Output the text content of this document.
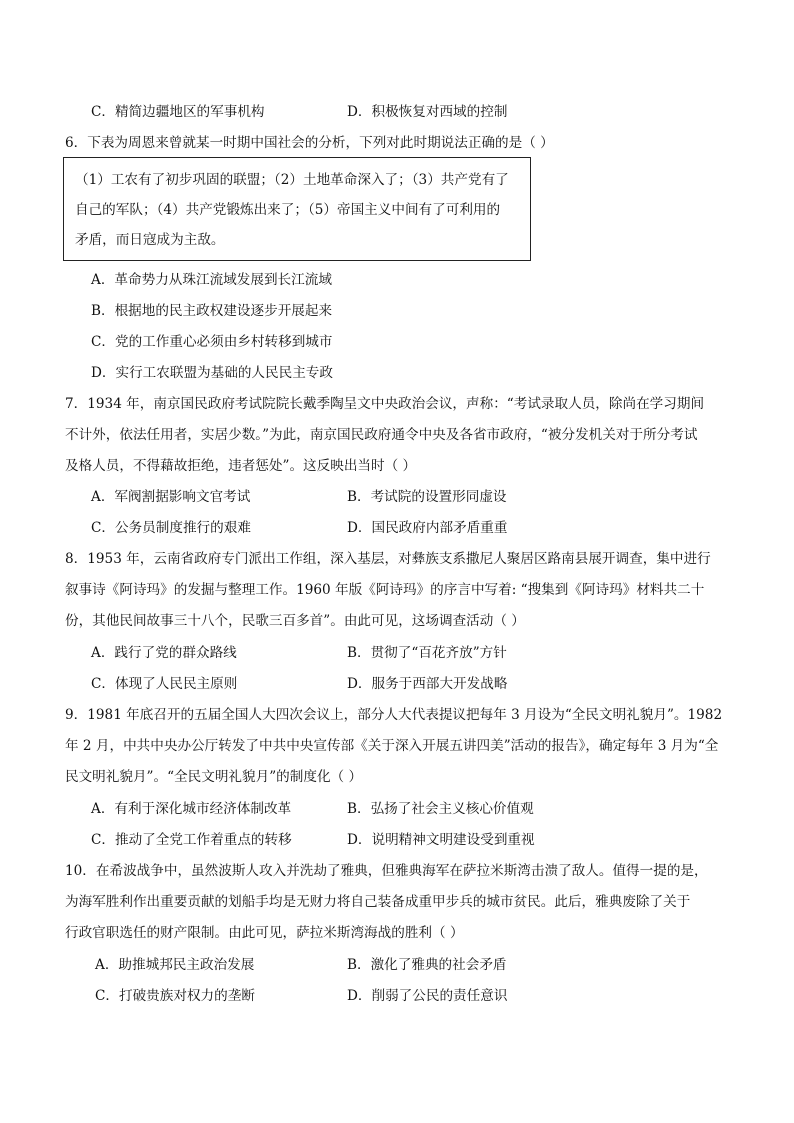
C．精简边疆地区的军事机构	D．积极恢复对西域的控制
6．下表为周恩来曾就某一时期中国社会的分析，下列对此时期说法正确的是（ ）
（1）工农有了初步巩固的联盟；（2）土地革命深入了；（3）共产党有了
自己的军队；（4）共产党锻炼出来了；（5）帝国主义中间有了可利用的
矛盾，而日寇成为主敌。
A．革命势力从珠江流域发展到长江流域
B．根据地的民主政权建设逐步开展起来
C．党的工作重心必须由乡村转移到城市
D．实行工农联盟为基础的人民民主专政
7．1934 年，南京国民政府考试院院长戴季陶呈文中央政治会议，声称：“考试录取人员，除尚在学习期间
不计外，依法任用者，实居少数。”为此，南京国民政府通令中央及各省市政府，“被分发机关对于所分考试
及格人员，不得藉故拒绝，违者惩处”。这反映出当时（ ）
A．军阀割据影响文官考试	B．考试院的设置形同虚设
C．公务员制度推行的艰难	D．国民政府内部矛盾重重
8．1953 年，云南省政府专门派出工作组，深入基层，对彝族支系撒尼人聚居区路南县展开调查，集中进行
叙事诗《阿诗玛》的发掘与整理工作。1960 年版《阿诗玛》的序言中写着: “搜集到《阿诗玛》材料共二十
份，其他民间故事三十八个，民歌三百多首”。由此可见，这场调查活动（ ）
A．践行了党的群众路线	B．贯彻了“百花齐放”方针
C．体现了人民民主原则	D．服务于西部大开发战略
9．1981 年底召开的五届全国人大四次会议上，部分人大代表提议把每年 3 月设为“全民文明礼貌月”。1982
年 2 月，中共中央办公厅转发了中共中央宣传部《关于深入开展五讲四美”活动的报告》，确定每年 3 月为“全
民文明礼貌月”。“全民文明礼貌月”的制度化（ ）
A．有利于深化城市经济体制改革	B．弘扬了社会主义核心价值观
C．推动了全党工作着重点的转移	D．说明精神文明建设受到重视
10．在希波战争中，虽然波斯人攻入并洗劫了雅典，但雅典海军在萨拉米斯湾击溃了敌人。值得一提的是，
为海军胜利作出重要贡献的划船手均是无财力将自己装备成重甲步兵的城市贫民。此后，雅典废除了关于
行政官职选任的财产限制。由此可见，萨拉米斯湾海战的胜利（ ）
A．助推城邦民主政治发展	B．激化了雅典的社会矛盾
C．打破贵族对权力的垄断	D．削弱了公民的责任意识
